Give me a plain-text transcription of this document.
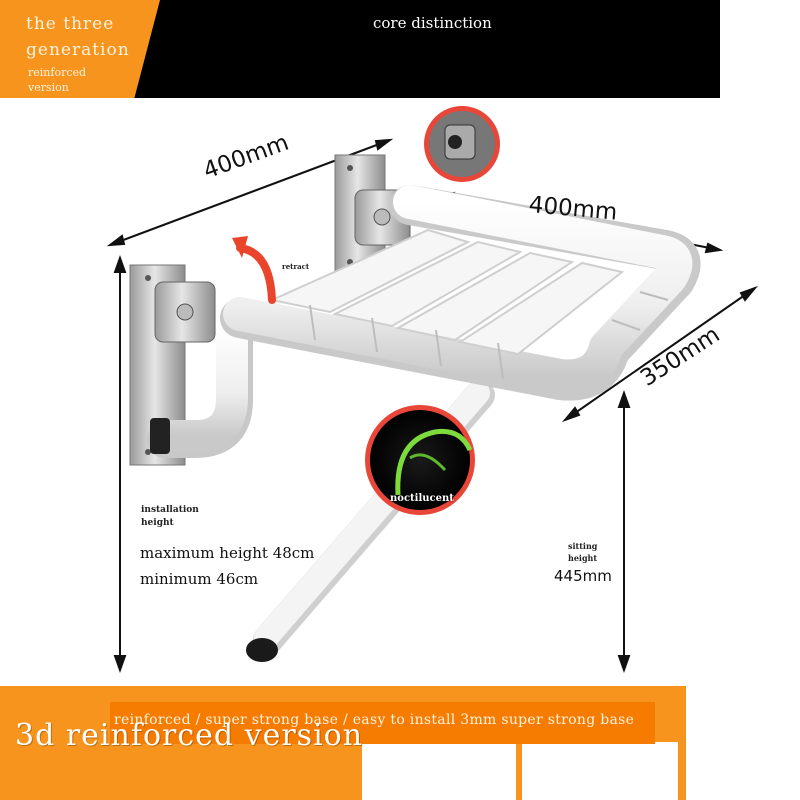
the three
generation
reinforced
version
core distinction
400mm
400mm
350mm
retract
noctilucent
installation
height
maximum height 48cm
minimum 46cm
sitting
height
445mm
reinforced / super strong base / easy to install 3mm super strong base
3d reinforced version
